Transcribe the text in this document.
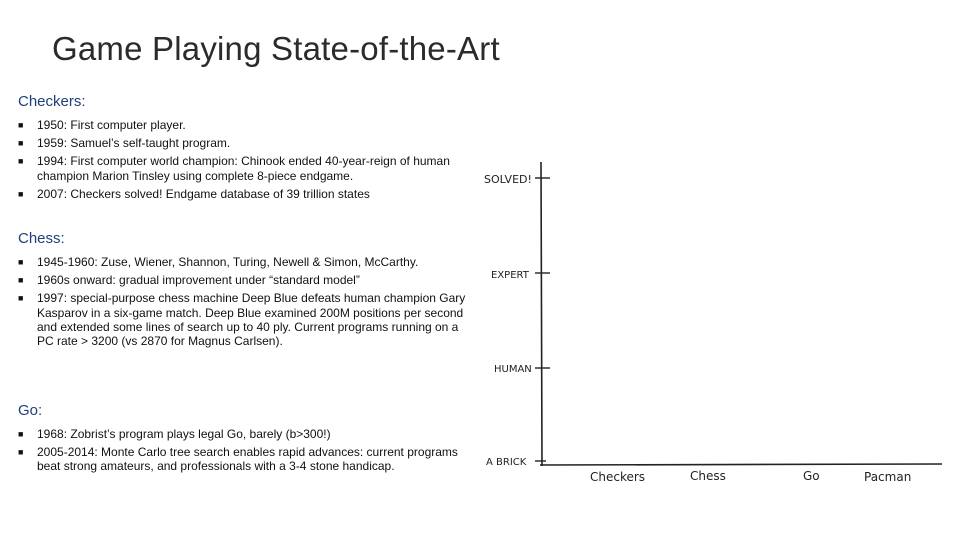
Game Playing State-of-the-Art
Checkers:
■ 1950: First computer player.
■ 1959: Samuel’s self-taught program.
■ 1994: First computer world champion: Chinook ended 40-year-reign of human champion Marion Tinsley using complete 8-piece endgame.
■ 2007: Checkers solved! Endgame database of 39 trillion states
Chess:
■ 1945-1960: Zuse, Wiener, Shannon, Turing, Newell & Simon, McCarthy.
■ 1960s onward: gradual improvement under “standard model”
■ 1997: special-purpose chess machine Deep Blue defeats human champion Gary Kasparov in a six-game match. Deep Blue examined 200M positions per second and extended some lines of search up to 40 ply. Current programs running on a PC rate > 3200 (vs 2870 for Magnus Carlsen).
Go:
■ 1968: Zobrist’s program plays legal Go, barely (b>300!)
■ 2005-2014: Monte Carlo tree search enables rapid advances: current programs beat strong amateurs, and professionals with a 3-4 stone handicap.
SOLVED!
EXPERT
HUMAN
A BRICK
Checkers	Chess	Go	Pacman
